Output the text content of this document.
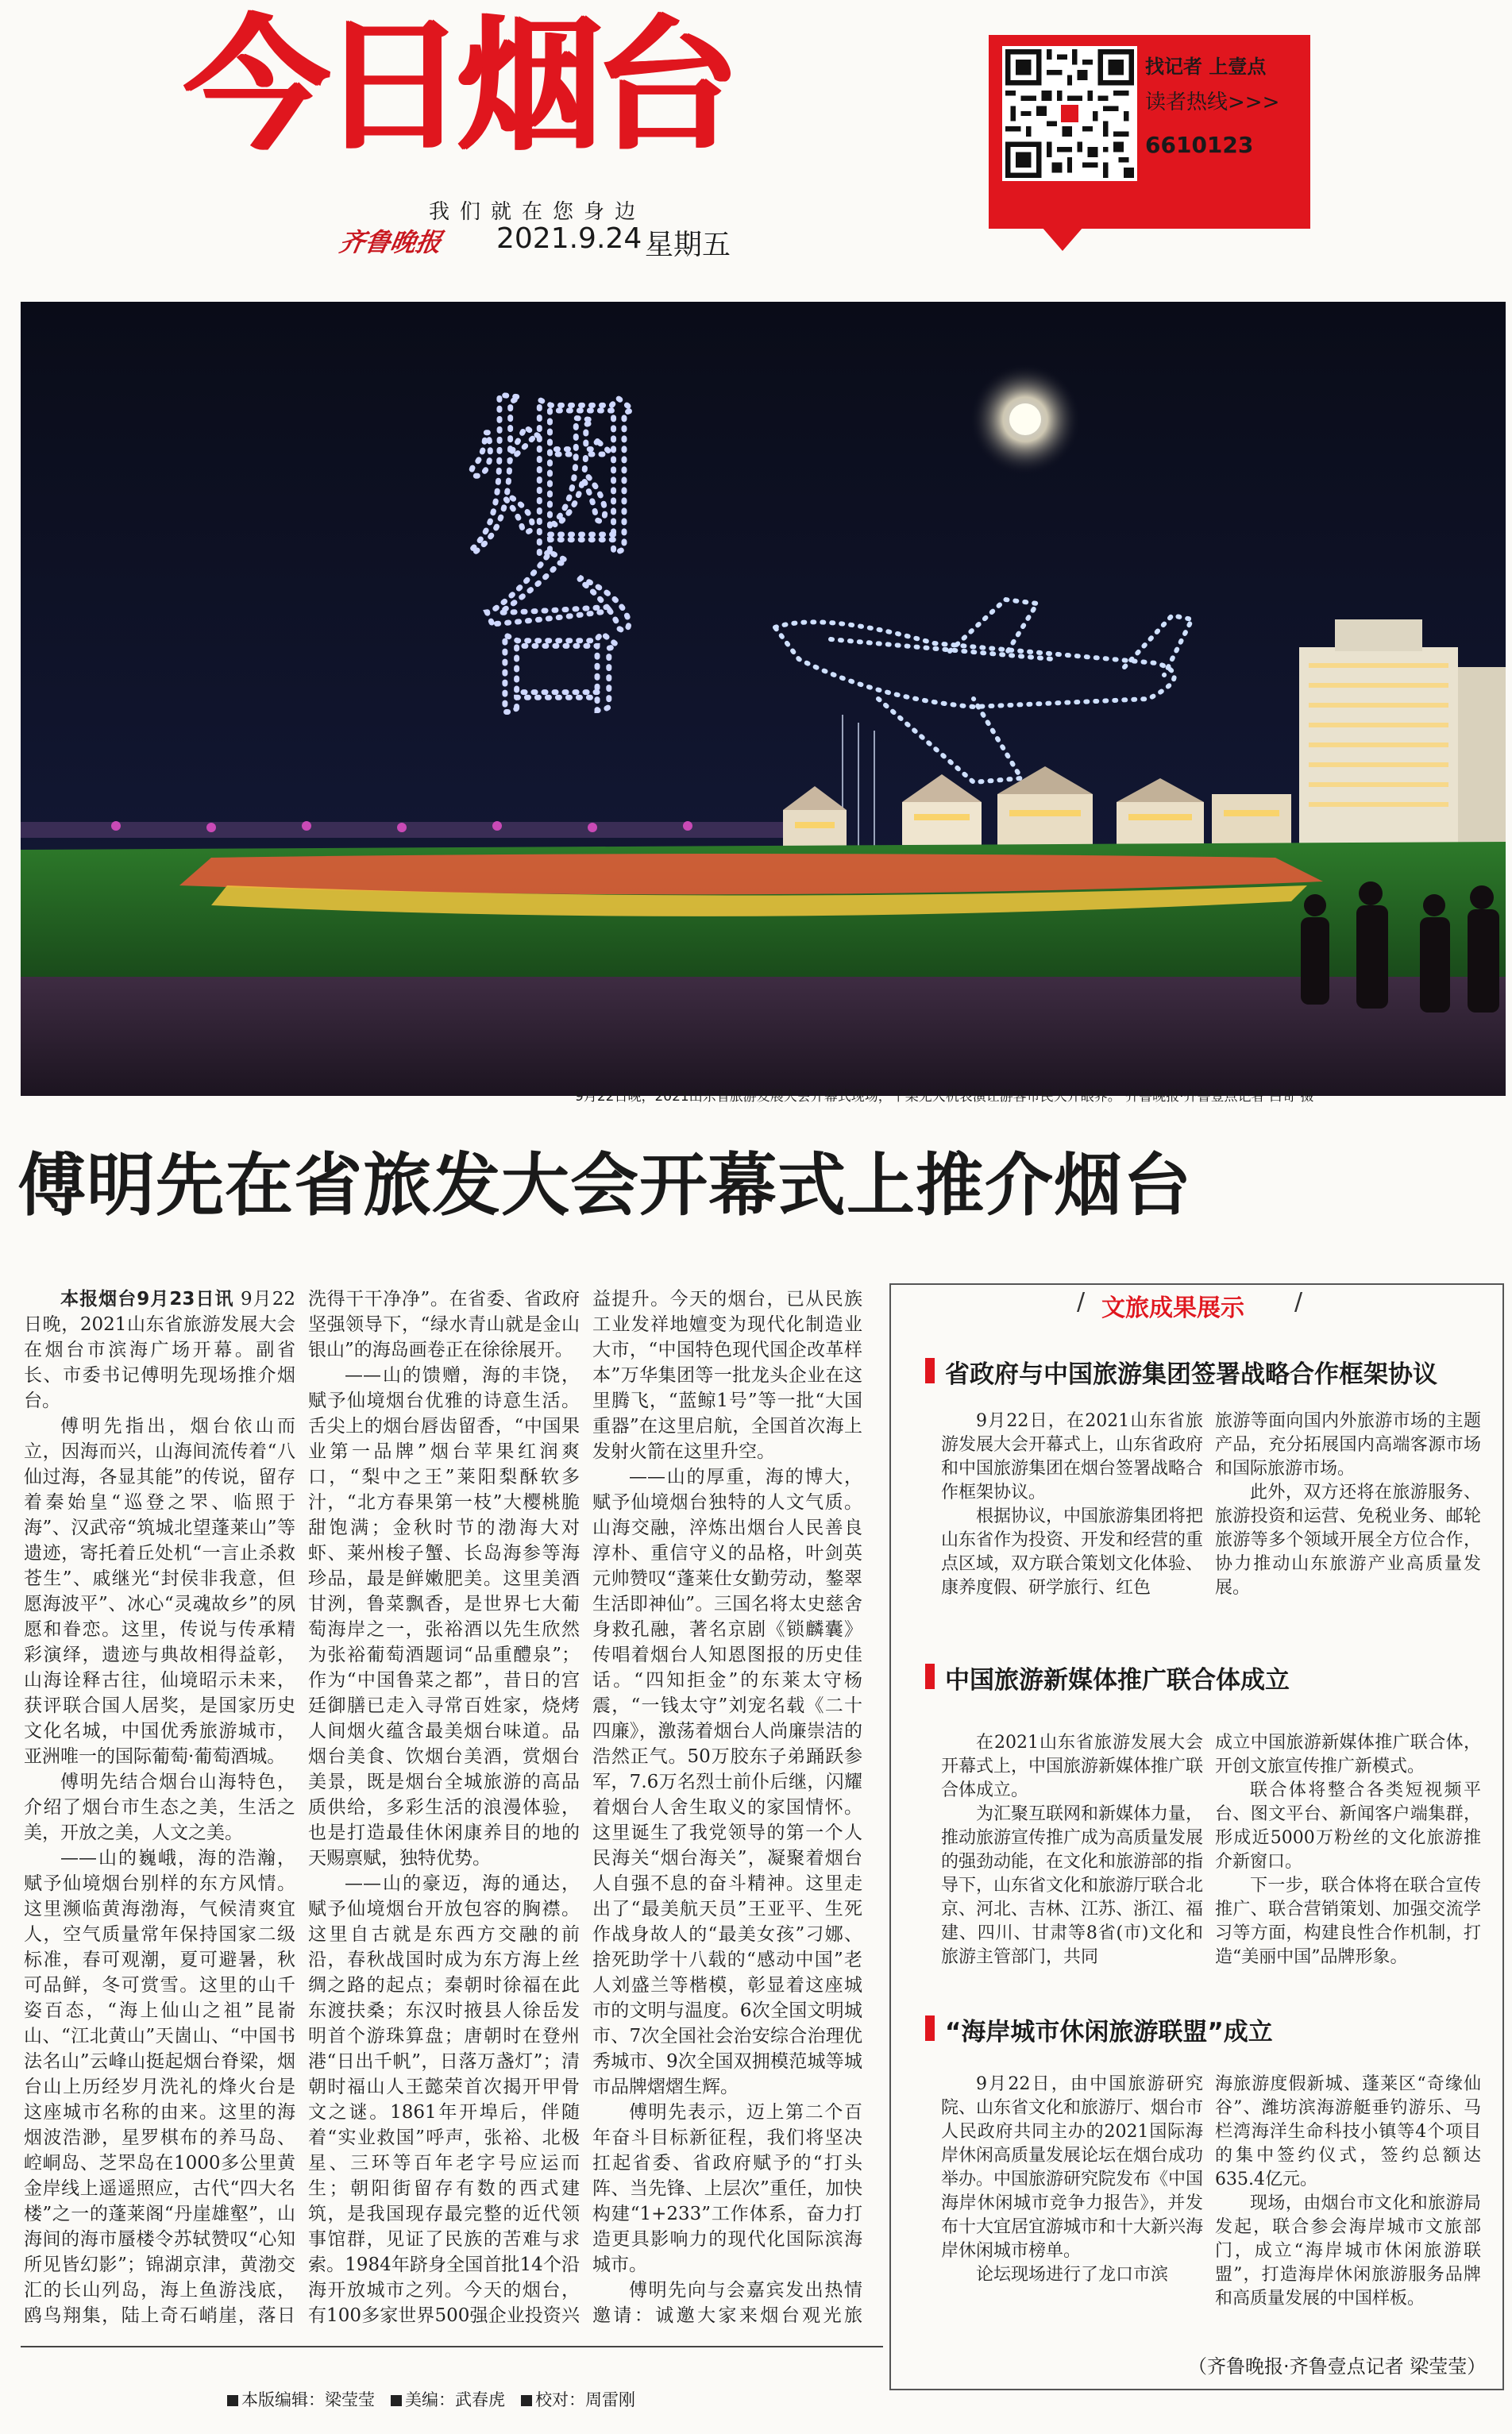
今日烟台
我们就在您身边
齐鲁晚报 2021.9.24 星期五
找记者 上壹点
读者热线>>>
6610123
烟
台
9月22日晚，2021山东省旅游发展大会开幕式现场，千架无人机表演让游客市民大开眼界。 齐鲁晚报·齐鲁壹点记者 吕奇 摄
傅明先在省旅发大会开幕式上推介烟台

本报烟台9月23日讯 9月22日晚，2021山东省旅游发展大会在烟台市滨海广场开幕。副省长、市委书记傅明先现场推介烟台。

傅明先指出，烟台依山而立，因海而兴，山海间流传着“八仙过海，各显其能”的传说，留存着秦始皇“巡登之罘、临照于海”、汉武帝“筑城北望蓬莱山”等遗迹，寄托着丘处机“一言止杀救苍生”、戚继光“封侯非我意，但愿海波平”、冰心“灵魂故乡”的夙愿和眷恋。这里，传说与传承精彩演绎，遗迹与典故相得益彰，山海诠释古往，仙境昭示未来，获评联合国人居奖，是国家历史文化名城，中国优秀旅游城市，亚洲唯一的国际葡萄·葡萄酒城。

傅明先结合烟台山海特色，介绍了烟台市生态之美，生活之美，开放之美，人文之美。

——山的巍峨，海的浩瀚，赋予仙境烟台别样的东方风情。这里濒临黄海渤海，气候清爽宜人，空气质量常年保持国家二级标准，春可观潮，夏可避暑，秋可品鲜，冬可赏雪。这里的山千姿百态，“海上仙山之祖”昆嵛山、“江北黄山”天崮山、“中国书法名山”云峰山挺起烟台脊梁，烟台山上历经岁月洗礼的烽火台是这座城市名称的由来。这里的海烟波浩渺，星罗棋布的养马岛、崆峒岛、芝罘岛在1000多公里黄金岸线上遥遥照应，古代“四大名楼”之一的蓬莱阁“丹崖雄壑”，山海间的海市蜃楼令苏轼赞叹“心知所见皆幻影”；锦湖京津，黄渤交汇的长山列岛，海上鱼游浅底，鸥鸟翔集，陆上奇石峭崖，落日

洗得干干净净”。在省委、省政府坚强领导下，“绿水青山就是金山银山”的海岛画卷正在徐徐展开。

——山的馈赠，海的丰饶，赋予仙境烟台优雅的诗意生活。舌尖上的烟台唇齿留香，“中国果业第一品牌”烟台苹果红润爽口，“梨中之王”莱阳梨酥软多汁，“北方春果第一枝”大樱桃脆甜饱满；金秋时节的渤海大对虾、莱州梭子蟹、长岛海参等海珍品，最是鲜嫩肥美。这里美酒甘洌，鲁菜飘香，是世界七大葡萄海岸之一，张裕酒以先生欣然为张裕葡萄酒题词“品重醴泉”；作为“中国鲁菜之都”，昔日的宫廷御膳已走入寻常百姓家，烧烤人间烟火蕴含最美烟台味道。品烟台美食、饮烟台美酒，赏烟台美景，既是烟台全城旅游的高品质供给，多彩生活的浪漫体验，也是打造最佳休闲康养目的地的天赐禀赋，独特优势。

——山的豪迈，海的通达，赋予仙境烟台开放包容的胸襟。这里自古就是东西方交融的前沿，春秋战国时成为东方海上丝绸之路的起点；秦朝时徐福在此东渡扶桑；东汉时掖县人徐岳发明首个游珠算盘；唐朝时在登州港“日出千帆”，日落万盏灯”；清朝时福山人王懿荣首次揭开甲骨文之谜。1861年开埠后，伴随着“实业救国”呼声，张裕、北极星、三环等百年老字号应运而生；朝阳街留存有数的西式建筑，是我国现存最完整的近代领事馆群，见证了民族的苦难与求索。1984年跻身全国首批14个沿海开放城市之列。今天的烟台，有100多家世界500强企业投资兴

益提升。今天的烟台，已从民族工业发祥地嬗变为现代化制造业大市，“中国特色现代国企改革样本”万华集团等一批龙头企业在这里腾飞，“蓝鲸1号”等一批“大国重器”在这里启航，全国首次海上发射火箭在这里升空。

——山的厚重，海的博大，赋予仙境烟台独特的人文气质。山海交融，淬炼出烟台人民善良淳朴、重信守义的品格，叶剑英元帅赞叹“蓬莱仕女勤劳动，鏊翠生活即神仙”。三国名将太史慈舍身救孔融，著名京剧《锁麟囊》传唱着烟台人知恩图报的历史佳话。“四知拒金”的东莱太守杨震，“一钱太守”刘宠名载《二十四廉》，激荡着烟台人尚廉崇洁的浩然正气。50万胶东子弟踊跃参军，7.6万名烈士前仆后继，闪耀着烟台人舍生取义的家国情怀。这里诞生了我党领导的第一个人民海关“烟台海关”，凝聚着烟台人自强不息的奋斗精神。这里走出了“最美航天员”王亚平、生死作战身故人的“最美女孩”刁娜、捨死助学十八载的“感动中国”老人刘盛兰等楷模，彰显着这座城市的文明与温度。6次全国文明城市、7次全国社会治安综合治理优秀城市、9次全国双拥模范城等城市品牌熠熠生辉。

傅明先表示，迈上第二个百年奋斗目标新征程，我们将坚决扛起省委、省政府赋予的“打头阵、当先锋、上层次”重任，加快构建“1+233”工作体系，奋力打造更具影响力的现代化国际滨海城市。

傅明先向与会嘉宾发出热情邀请：诚邀大家来烟台观光旅

/ 文旅成果展示 /
省政府与中国旅游集团签署战略合作框架协议

9月22日，在2021山东省旅游发展大会开幕式上，山东省政府和中国旅游集团在烟台签署战略合作框架协议。

根据协议，中国旅游集团将把山东省作为投资、开发和经营的重点区域，双方联合策划文化体验、康养度假、研学旅行、红色

旅游等面向国内外旅游市场的主题产品，充分拓展国内高端客源市场和国际旅游市场。

此外，双方还将在旅游服务、旅游投资和运营、免税业务、邮轮旅游等多个领域开展全方位合作，协力推动山东旅游产业高质量发展。

中国旅游新媒体推广联合体成立

在2021山东省旅游发展大会开幕式上，中国旅游新媒体推广联合体成立。

为汇聚互联网和新媒体力量，推动旅游宣传推广成为高质量发展的强劲动能，在文化和旅游部的指导下，山东省文化和旅游厅联合北京、河北、吉林、江苏、浙江、福建、四川、甘肃等8省(市)文化和旅游主管部门，共同

成立中国旅游新媒体推广联合体，开创文旅宣传推广新模式。

联合体将整合各类短视频平台、图文平台、新闻客户端集群，形成近5000万粉丝的文化旅游推介新窗口。

下一步，联合体将在联合宣传推广、联合营销策划、加强交流学习等方面，构建良性合作机制，打造“美丽中国”品牌形象。

“海岸城市休闲旅游联盟”成立

9月22日，由中国旅游研究院、山东省文化和旅游厅、烟台市人民政府共同主办的2021国际海岸休闲高质量发展论坛在烟台成功举办。中国旅游研究院发布《中国海岸休闲城市竞争力报告》，并发布十大宜居宜游城市和十大新兴海岸休闲城市榜单。

论坛现场进行了龙口市滨

海旅游度假新城、蓬莱区“奇缘仙谷”、潍坊滨海游艇垂钓游乐、马栏湾海洋生命科技小镇等4个项目的集中签约仪式，签约总额达635.4亿元。

现场，由烟台市文化和旅游局发起，联合参会海岸城市文旅部门，成立“海岸城市休闲旅游联盟”，打造海岸休闲旅游服务品牌和高质量发展的中国样板。

（齐鲁晚报·齐鲁壹点记者 梁莹莹）
本版编辑：梁莹莹 美编：武春虎 校对：周雷刚
